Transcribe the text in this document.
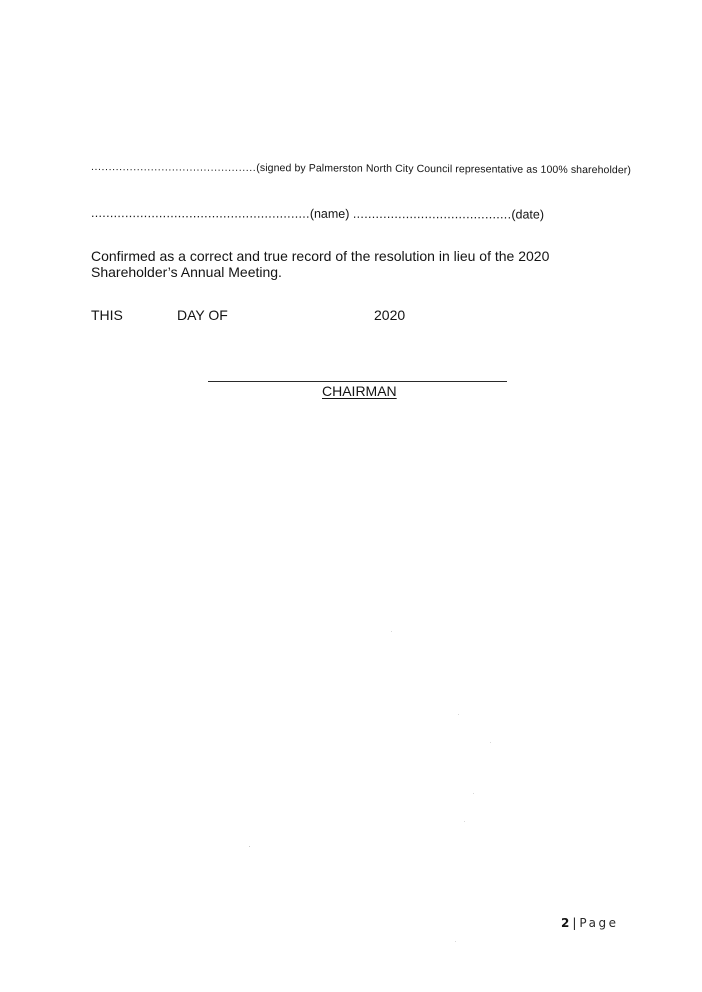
...............................................(signed by Palmerston North City Council representative as 100% shareholder)
..........................................................(name) ..........................................(date)
Confirmed as a correct and true record of the resolution in lieu of the 2020 Shareholder’s Annual Meeting.
THIS	DAY OF	2020
CHAIRMAN
2 | Page
